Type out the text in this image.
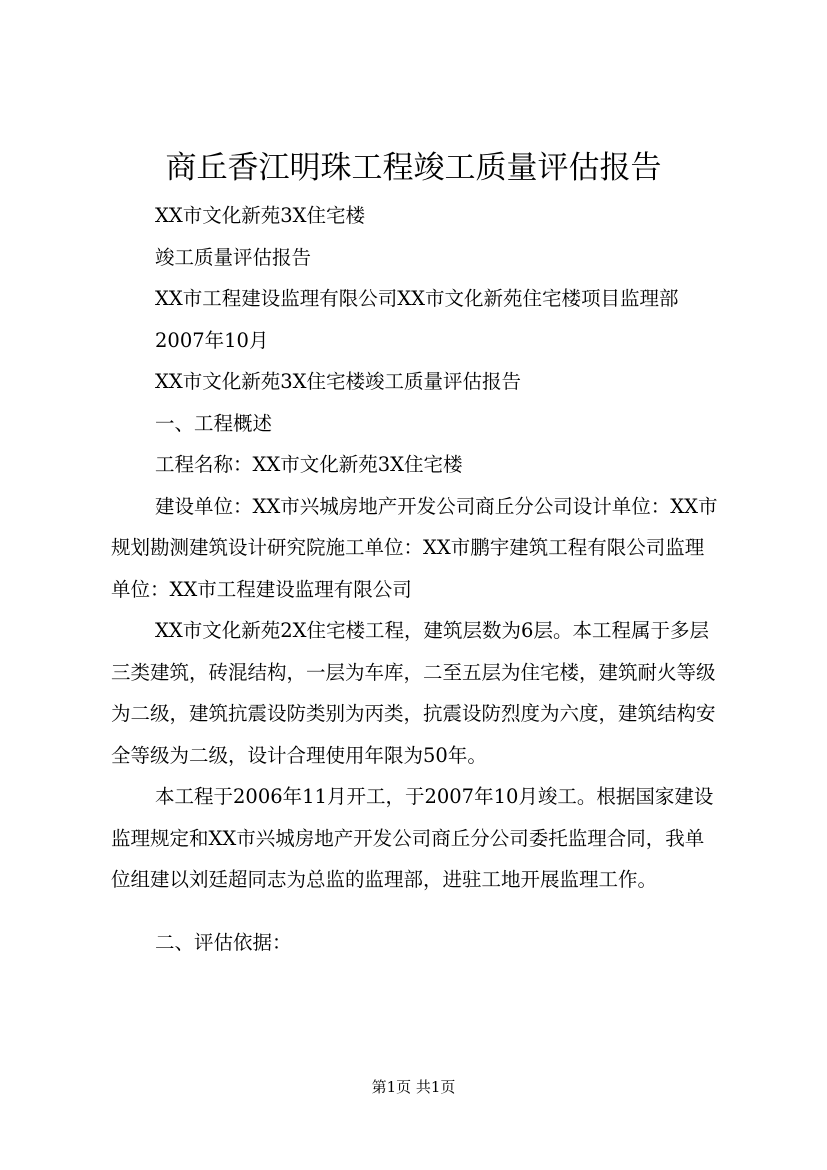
商丘香江明珠工程竣工质量评估报告

XX市文化新苑3X住宅楼

竣工质量评估报告

XX市工程建设监理有限公司XX市文化新苑住宅楼项目监理部

2007年10月

XX市文化新苑3X住宅楼竣工质量评估报告

一、工程概述

工程名称：XX市文化新苑3X住宅楼

建设单位：XX市兴城房地产开发公司商丘分公司设计单位：XX市规划勘测建筑设计研究院施工单位：XX市鹏宇建筑工程有限公司监理单位：XX市工程建设监理有限公司

XX市文化新苑2X住宅楼工程，建筑层数为6层。本工程属于多层三类建筑，砖混结构，一层为车库，二至五层为住宅楼，建筑耐火等级为二级，建筑抗震设防类别为丙类，抗震设防烈度为六度，建筑结构安全等级为二级，设计合理使用年限为50年。

本工程于2006年11月开工，于2007年10月竣工。根据国家建设监理规定和XX市兴城房地产开发公司商丘分公司委托监理合同，我单位组建以刘廷超同志为总监的监理部，进驻工地开展监理工作。

二、评估依据：

第1页 共1页
